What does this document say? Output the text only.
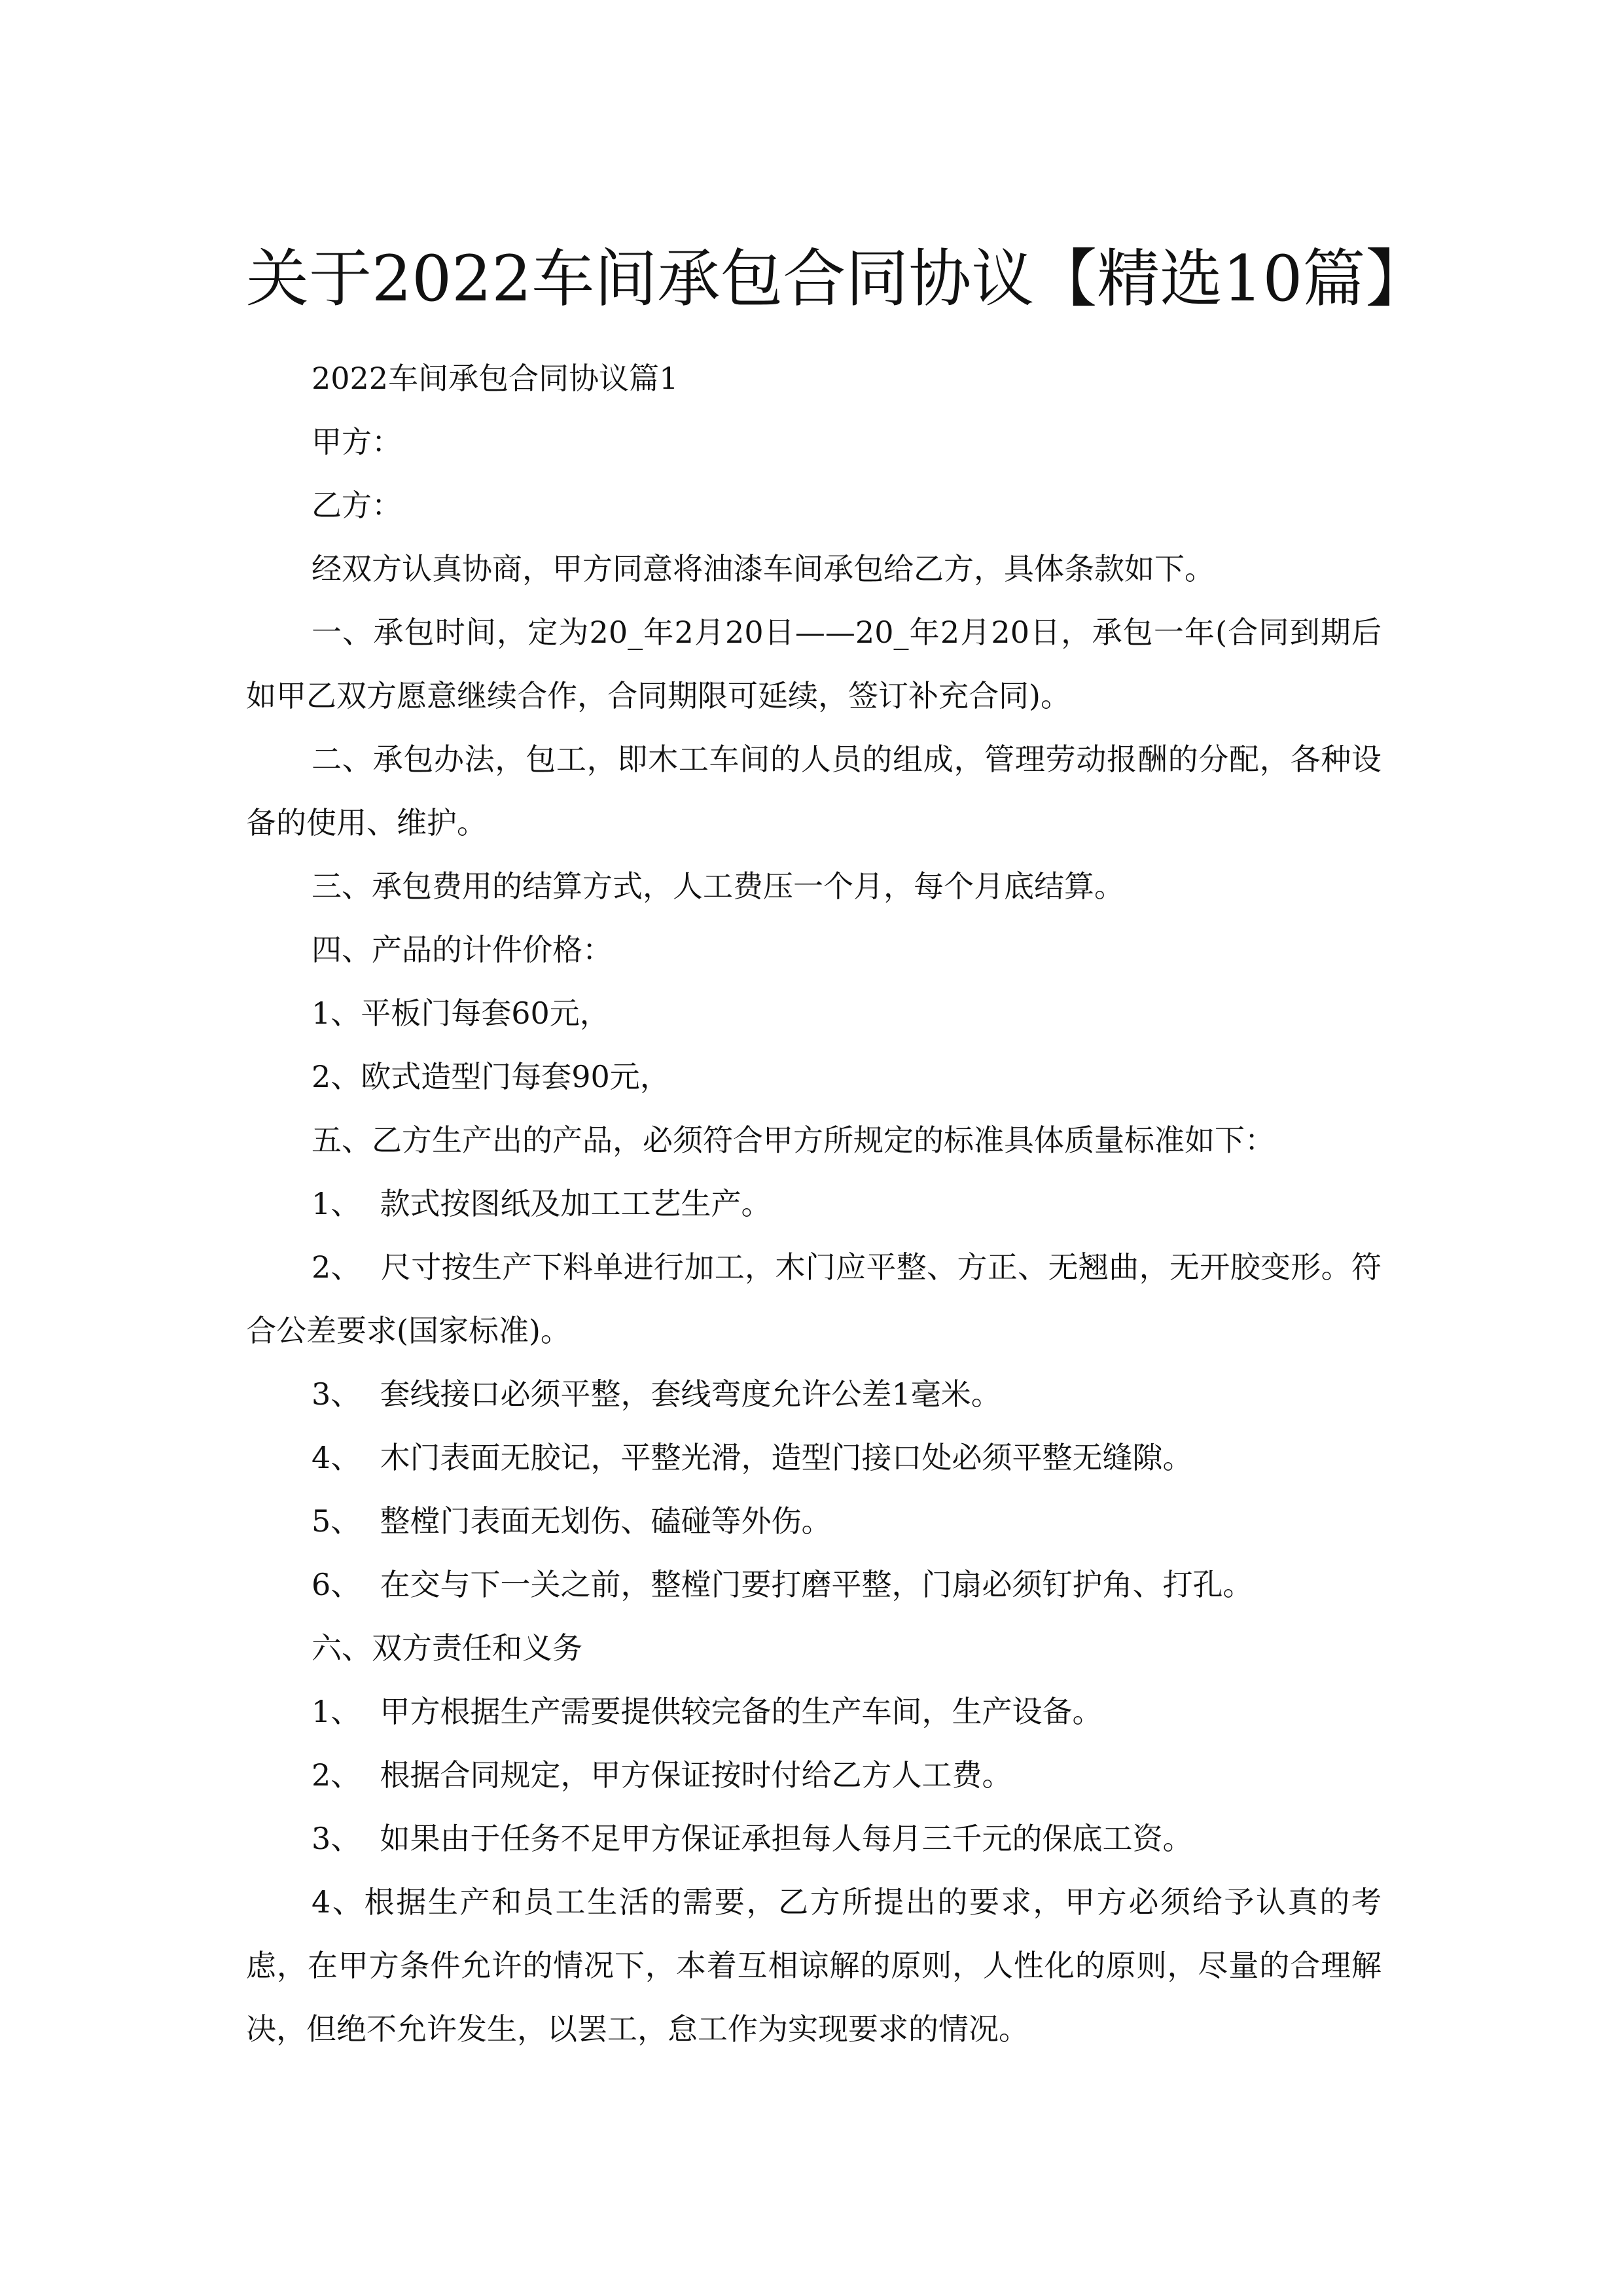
关于2022车间承包合同协议【精选10篇】

2022车间承包合同协议篇1

甲方：

乙方：

经双方认真协商，甲方同意将油漆车间承包给乙方，具体条款如下。

一、承包时间，定为20_年2月20日——20_年2月20日，承包一年(合同到期后如甲乙双方愿意继续合作，合同期限可延续，签订补充合同)。

二、承包办法，包工，即木工车间的人员的组成，管理劳动报酬的分配，各种设备的使用、维护。

三、承包费用的结算方式，人工费压一个月，每个月底结算。

四、产品的计件价格：

1、平板门每套60元，

2、欧式造型门每套90元，

五、乙方生产出的产品，必须符合甲方所规定的标准具体质量标准如下：

1、 款式按图纸及加工工艺生产。

2、 尺寸按生产下料单进行加工，木门应平整、方正、无翘曲，无开胶变形。符合公差要求(国家标准)。

3、 套线接口必须平整，套线弯度允许公差1毫米。

4、 木门表面无胶记，平整光滑，造型门接口处必须平整无缝隙。

5、 整樘门表面无划伤、磕碰等外伤。

6、 在交与下一关之前，整樘门要打磨平整，门扇必须钉护角、打孔。

六、双方责任和义务

1、 甲方根据生产需要提供较完备的生产车间，生产设备。

2、 根据合同规定，甲方保证按时付给乙方人工费。

3、 如果由于任务不足甲方保证承担每人每月三千元的保底工资。

4、根据生产和员工生活的需要，乙方所提出的要求，甲方必须给予认真的考虑，在甲方条件允许的情况下，本着互相谅解的原则，人性化的原则，尽量的合理解决，但绝不允许发生，以罢工，怠工作为实现要求的情况。
